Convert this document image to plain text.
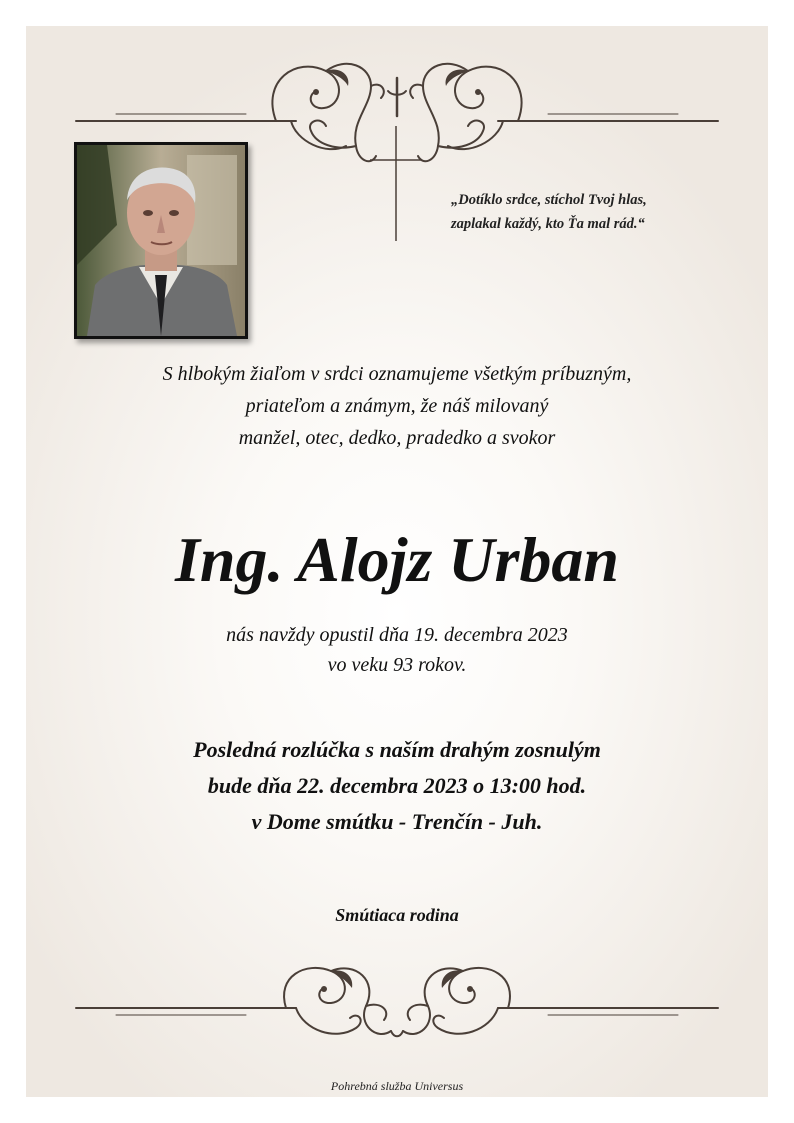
„Dotíklo srdce, stíchol Tvoj hlas,
zaplakal každý, kto Ťa mal rád.“
S hlbokým žiaľom v srdci oznamujeme všetkým príbuzným,
priateľom a známym, že náš milovaný
manžel, otec, dedko, pradedko a svokor
Ing. Alojz Urban
nás navždy opustil dňa 19. decembra 2023
vo veku 93 rokov.
Posledná rozlúčka s naším drahým zosnulým
bude dňa 22. decembra 2023 o 13:00 hod.
v Dome smútku - Trenčín - Juh.
Smútiaca rodina
Pohrebná služba Universus
